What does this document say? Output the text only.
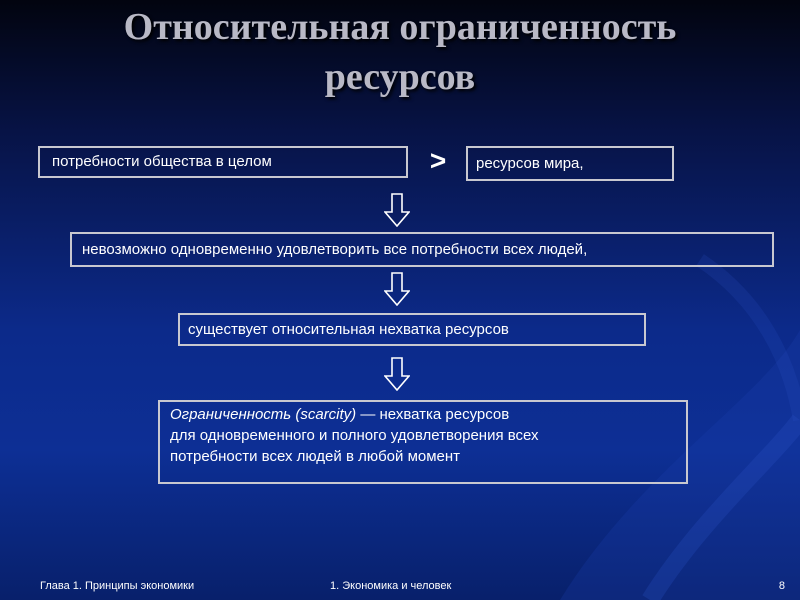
Относительная ограниченность
ресурсов
потребности общества в целом	>	ресурсов мира,
невозможно одновременно удовлетворить все потребности всех людей,
существует относительная нехватка ресурсов
Ограниченность (scarcity) — нехватка ресурсов
для одновременного и полного удовлетворения всех
потребности всех людей в любой момент
Глава 1. Принципы экономики	1. Экономика и человек	8
